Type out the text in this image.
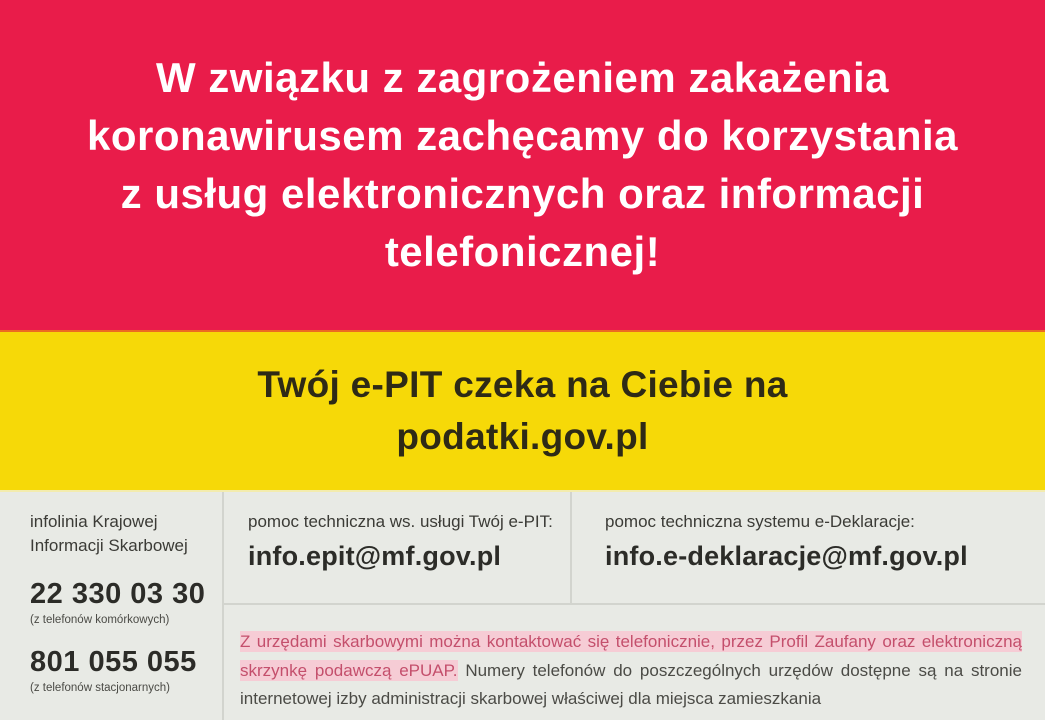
W związku z zagrożeniem zakażenia
koronawirusem zachęcamy do korzystania
z usług elektronicznych oraz informacji
telefonicznej!
Twój e-PIT czeka na Ciebie na
podatki.gov.pl
infolinia Krajowej Informacji Skarbowej
22 330 03 30
(z telefonów komórkowych)
801 055 055
(z telefonów stacjonarnych)
pomoc techniczna ws. usługi Twój e-PIT:
info.epit@mf.gov.pl
pomoc techniczna systemu e-Deklaracje:
info.e-deklaracje@mf.gov.pl
Z urzędami skarbowymi można kontaktować się telefonicznie, przez Profil Zaufany oraz elektroniczną skrzynkę podawczą ePUAP. Numery telefonów do poszczególnych urzędów dostępne są na stronie internetowej izby administracji skarbowej właściwej dla miejsca zamieszkania
